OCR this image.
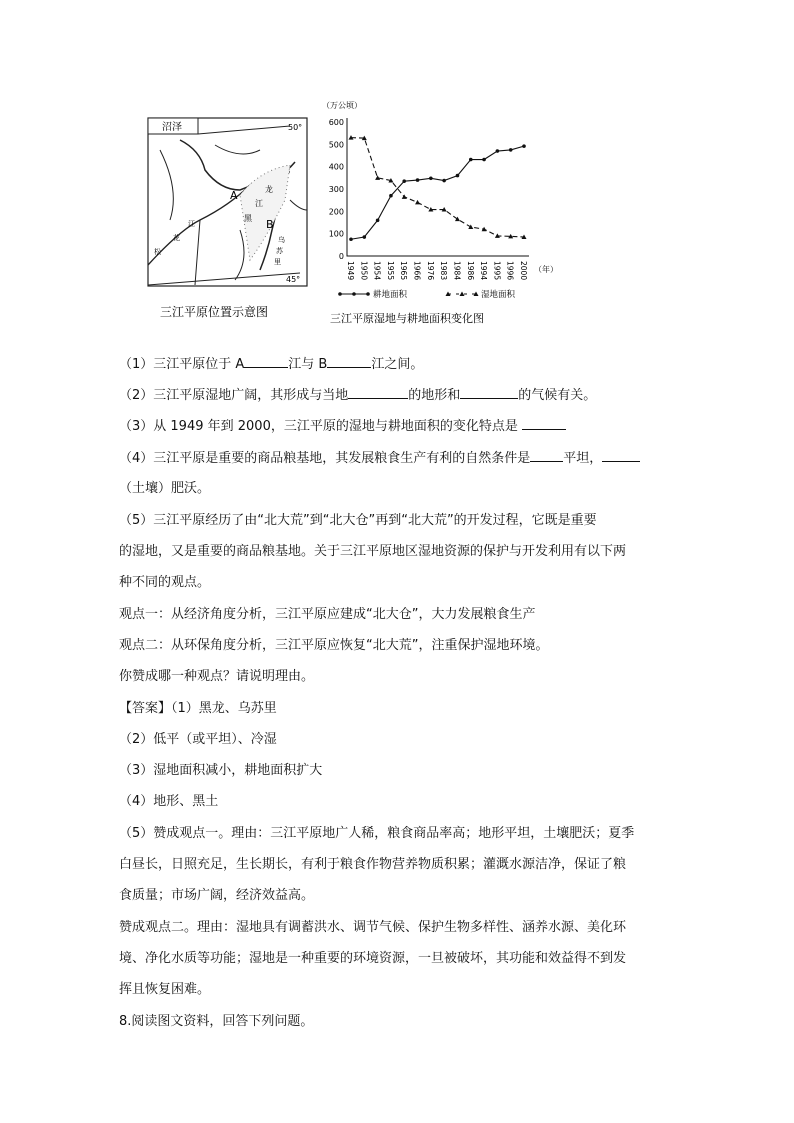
沼泽	50°
45°
A
B
江
龙
黑
乌
苏
里
江
花
松
三江平原位置示意图
（万公顷）
（年）
0
100
200
300
400
500
600
1949 1950 1954 1955 1965 1966 1976 1983 1984 1986 1994 1995 1996 2000
耕地面积	湿地面积
三江平原湿地与耕地面积变化图
（1）三江平原位于 A	江与 B	江之间。
（2）三江平原湿地广阔，其形成与当地	的地形和	的气候有关。
（3）从 1949 年到 2000，三江平原的湿地与耕地面积的变化特点是
（4）三江平原是重要的商品粮基地，其发展粮食生产有利的自然条件是	平坦，
（土壤）肥沃。
（5）三江平原经历了由“北大荒”到“北大仓”再到“北大荒”的开发过程，它既是重要
的湿地，又是重要的商品粮基地。关于三江平原地区湿地资源的保护与开发利用有以下两
种不同的观点。
观点一：从经济角度分析，三江平原应建成“北大仓”，大力发展粮食生产
观点二：从环保角度分析，三江平原应恢复“北大荒”，注重保护湿地环境。
你赞成哪一种观点？请说明理由。
【答案】（1）黑龙、乌苏里
（2）低平（或平坦）、冷湿
（3）湿地面积减小，耕地面积扩大
（4）地形、黑土
（5）赞成观点一。理由：三江平原地广人稀，粮食商品率高；地形平坦，土壤肥沃；夏季
白昼长，日照充足，生长期长，有利于粮食作物营养物质积累；灌溉水源洁净，保证了粮
食质量；市场广阔，经济效益高。
赞成观点二。理由：湿地具有调蓄洪水、调节气候、保护生物多样性、涵养水源、美化环
境、净化水质等功能；湿地是一种重要的环境资源，一旦被破坏，其功能和效益得不到发
挥且恢复困难。
8.阅读图文资料，回答下列问题。
